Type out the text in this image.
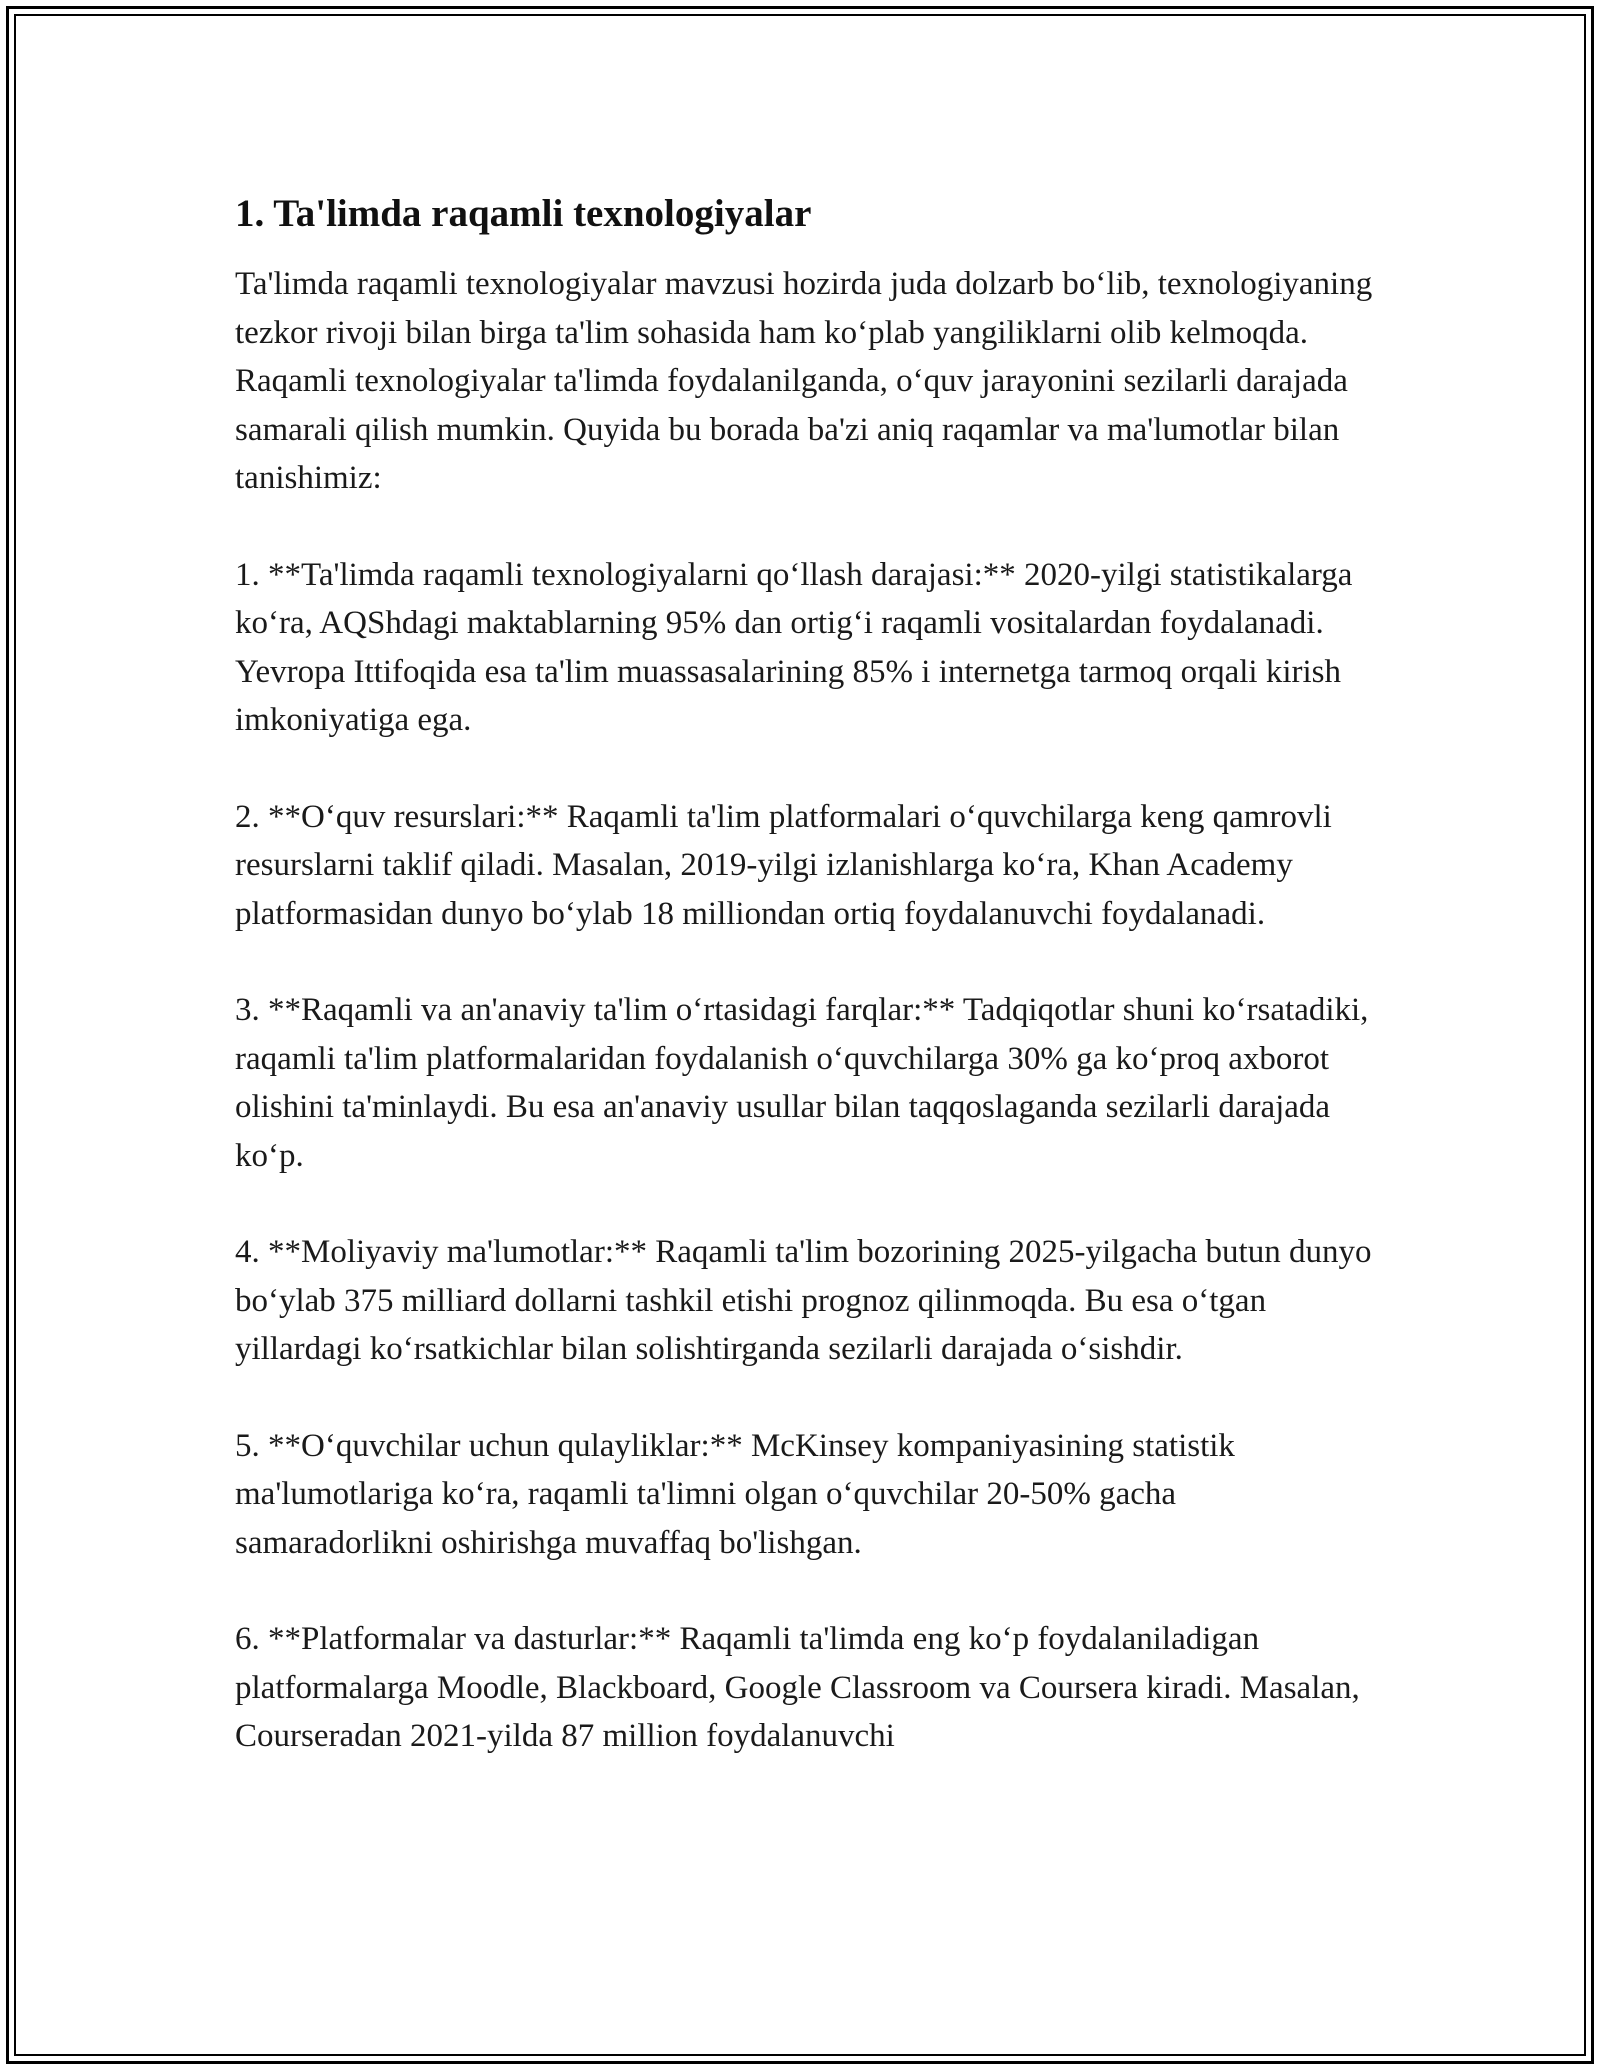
1. Ta'limda raqamli texnologiyalar

Ta'limda raqamli texnologiyalar mavzusi hozirda juda dolzarb boʻlib, texnologiyaning tezkor rivoji bilan birga ta'lim sohasida ham koʻplab yangiliklarni olib kelmoqda. Raqamli texnologiyalar ta'limda foydalanilganda, oʻquv jarayonini sezilarli darajada samarali qilish mumkin. Quyida bu borada ba'zi aniq raqamlar va ma'lumotlar bilan tanishimiz:

1. **Ta'limda raqamli texnologiyalarni qoʻllash darajasi:** 2020-yilgi statistikalarga koʻra, AQShdagi maktablarning 95% dan ortigʻi raqamli vositalardan foydalanadi. Yevropa Ittifoqida esa ta'lim muassasalarining 85% i internetga tarmoq orqali kirish imkoniyatiga ega.

2. **Oʻquv resurslari:** Raqamli ta'lim platformalari oʻquvchilarga keng qamrovli resurslarni taklif qiladi. Masalan, 2019-yilgi izlanishlarga koʻra, Khan Academy platformasidan dunyo boʻylab 18 milliondan ortiq foydalanuvchi foydalanadi.

3. **Raqamli va an'anaviy ta'lim oʻrtasidagi farqlar:** Tadqiqotlar shuni koʻrsatadiki, raqamli ta'lim platformalaridan foydalanish oʻquvchilarga 30% ga koʻproq axborot olishini ta'minlaydi. Bu esa an'anaviy usullar bilan taqqoslaganda sezilarli darajada koʻp.

4. **Moliyaviy ma'lumotlar:** Raqamli ta'lim bozorining 2025-yilgacha butun dunyo boʻylab 375 milliard dollarni tashkil etishi prognoz qilinmoqda. Bu esa oʻtgan yillardagi koʻrsatkichlar bilan solishtirganda sezilarli darajada oʻsishdir.

5. **Oʻquvchilar uchun qulayliklar:** McKinsey kompaniyasining statistik ma'lumotlariga koʻra, raqamli ta'limni olgan oʻquvchilar 20-50% gacha samaradorlikni oshirishga muvaffaq bo'lishgan.

6. **Platformalar va dasturlar:** Raqamli ta'limda eng koʻp foydalaniladigan platformalarga Moodle, Blackboard, Google Classroom va Coursera kiradi. Masalan, Courseradan 2021-yilda 87 million foydalanuvchi
